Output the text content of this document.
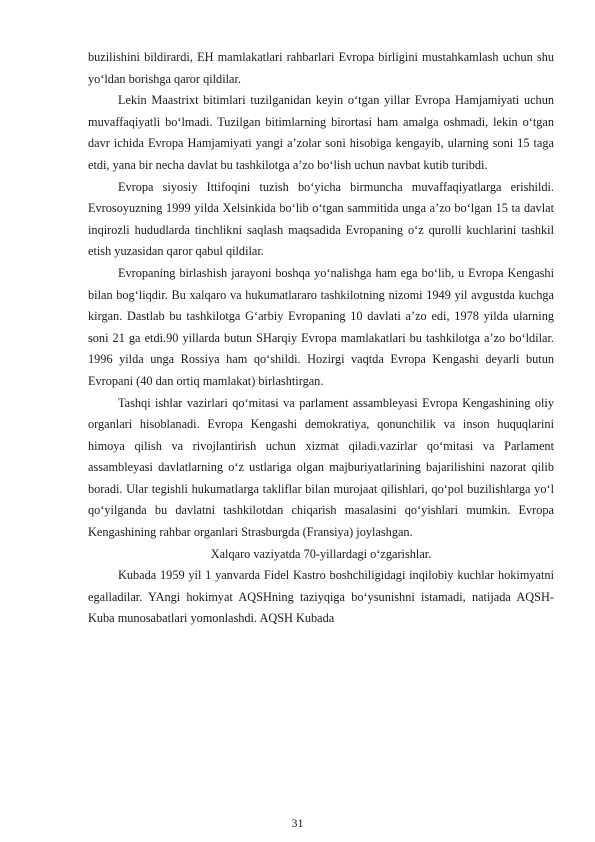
buzilishini bildirardi, EH mamlakatlari rahbarlari Evropa birligini mustahkamlash uchun shu yo‘ldan borishga qaror qildilar.

Lekin Maastrixt bitimlari tuzilganidan keyin o‘tgan yillar Evropa Hamjamiyati uchun muvaffaqiyatli bo‘lmadi. Tuzilgan bitimlarning birortasi ham amalga oshmadi, lekin o‘tgan davr ichida Evropa Hamjamiyati yangi a’zolar soni hisobiga kengayib, ularning soni 15 taga etdi, yana bir necha davlat bu tashkilotga a’zo bo‘lish uchun navbat kutib turibdi.

Evropa siyosiy Ittifoqini tuzish bo‘yicha birmuncha muvaffaqiyatlarga erishildi. Evrosoyuzning 1999 yilda Xelsinkida bo‘lib o‘tgan sammitida unga a’zo bo‘lgan 15 ta davlat inqirozli hududlarda tinchlikni saqlash maqsadida Evropaning o‘z qurolli kuchlarini tashkil etish yuzasidan qaror qabul qildilar.

Evropaning birlashish jarayoni boshqa yo‘nalishga ham ega bo‘lib, u Evropa Kengashi bilan bog‘liqdir. Bu xalqaro va hukumatlararo tashkilotning nizomi 1949 yil avgustda kuchga kirgan. Dastlab bu tashkilotga G‘arbiy Evropaning 10 davlati a’zo edi, 1978 yilda ularning soni 21 ga etdi.90 yillarda butun SHarqiy Evropa mamlakatlari bu tashkilotga a’zo bo‘ldilar. 1996 yilda unga Rossiya ham qo‘shildi. Hozirgi vaqtda Evropa Kengashi deyarli butun Evropani (40 dan ortiq mamlakat) birlashtirgan.

Tashqi ishlar vazirlari qo‘mitasi va parlament assambleyasi Evropa Kengashining oliy organlari hisoblanadi. Evropa Kengashi demokratiya, qonunchilik va inson huquqlarini himoya qilish va rivojlantirish uchun xizmat qiladi.vazirlar qo‘mitasi va Parlament assambleyasi davlatlarning o‘z ustlariga olgan majburiyatlarining bajarilishini nazorat qilib boradi. Ular tegishli hukumatlarga takliflar bilan murojaat qilishlari, qo‘pol buzilishlarga yo‘l qo‘yilganda bu davlatni tashkilotdan chiqarish masalasini qo‘yishlari mumkin. Evropa Kengashining rahbar organlari Strasburgda (Fransiya) joylashgan.

Xalqaro vaziyatda 70-yillardagi o‘zgarishlar.

Kubada 1959 yil 1 yanvarda Fidel Kastro boshchiligidagi inqilobiy kuchlar hokimyatni egalladilar. YAngi hokimyat AQSHning taziyqiga bo‘ysunishni istamadi, natijada AQSH-Kuba munosabatlari yomonlashdi. AQSH Kubada

31
